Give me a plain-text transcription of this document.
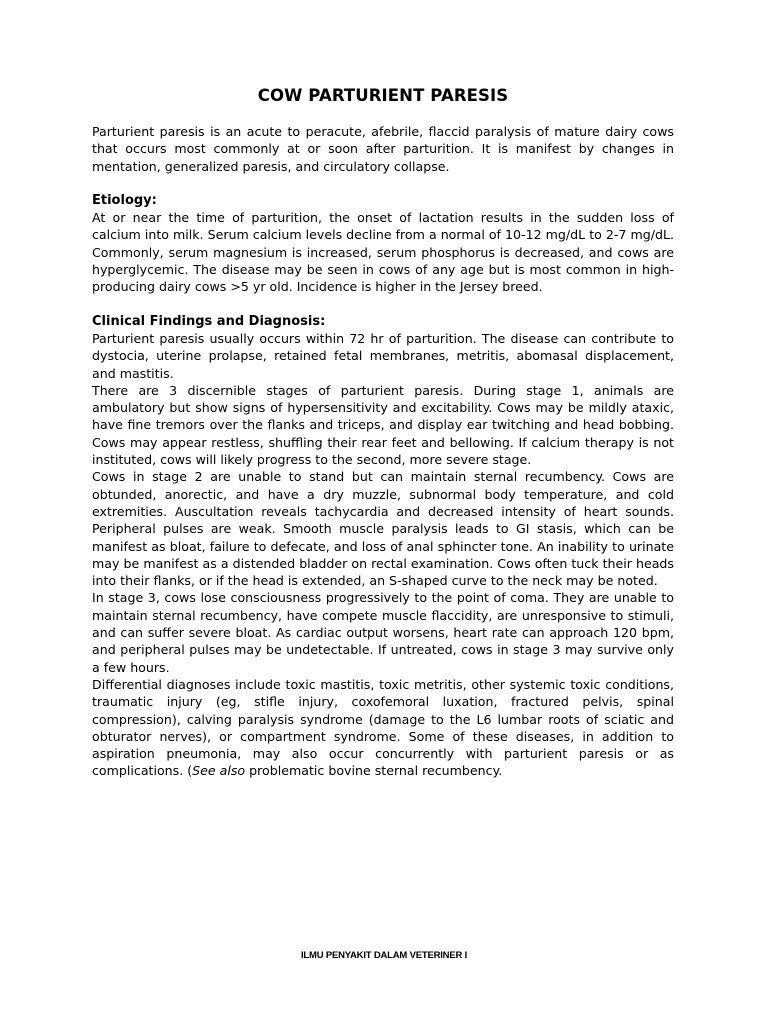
COW PARTURIENT PARESIS

Parturient paresis is an acute to peracute, afebrile, flaccid paralysis of mature dairy cows that occurs most commonly at or soon after parturition. It is manifest by changes in mentation, generalized paresis, and circulatory collapse.

Etiology:

At or near the time of parturition, the onset of lactation results in the sudden loss of calcium into milk. Serum calcium levels decline from a normal of 10-12 mg/dL to 2-7 mg/dL. Commonly, serum magnesium is increased, serum phosphorus is decreased, and cows are hyperglycemic. The disease may be seen in cows of any age but is most common in high-producing dairy cows >5 yr old. Incidence is higher in the Jersey breed.

Clinical Findings and Diagnosis:

Parturient paresis usually occurs within 72 hr of parturition. The disease can contribute to dystocia, uterine prolapse, retained fetal membranes, metritis, abomasal displacement, and mastitis.

There are 3 discernible stages of parturient paresis. During stage 1, animals are ambulatory but show signs of hypersensitivity and excitability. Cows may be mildly ataxic, have fine tremors over the flanks and triceps, and display ear twitching and head bobbing. Cows may appear restless, shuffling their rear feet and bellowing. If calcium therapy is not instituted, cows will likely progress to the second, more severe stage.

Cows in stage 2 are unable to stand but can maintain sternal recumbency. Cows are obtunded, anorectic, and have a dry muzzle, subnormal body temperature, and cold extremities. Auscultation reveals tachycardia and decreased intensity of heart sounds. Peripheral pulses are weak. Smooth muscle paralysis leads to GI stasis, which can be manifest as bloat, failure to defecate, and loss of anal sphincter tone. An inability to urinate may be manifest as a distended bladder on rectal examination. Cows often tuck their heads into their flanks, or if the head is extended, an S-shaped curve to the neck may be noted.

In stage 3, cows lose consciousness progressively to the point of coma. They are unable to maintain sternal recumbency, have compete muscle flaccidity, are unresponsive to stimuli, and can suffer severe bloat. As cardiac output worsens, heart rate can approach 120 bpm, and peripheral pulses may be undetectable. If untreated, cows in stage 3 may survive only a few hours.

Differential diagnoses include toxic mastitis, toxic metritis, other systemic toxic conditions, traumatic injury (eg, stifle injury, coxofemoral luxation, fractured pelvis, spinal compression), calving paralysis syndrome (damage to the L6 lumbar roots of sciatic and obturator nerves), or compartment syndrome. Some of these diseases, in addition to aspiration pneumonia, may also occur concurrently with parturient paresis or as complications. (See also problematic bovine sternal recumbency.

ILMU PENYAKIT DALAM VETERINER I
